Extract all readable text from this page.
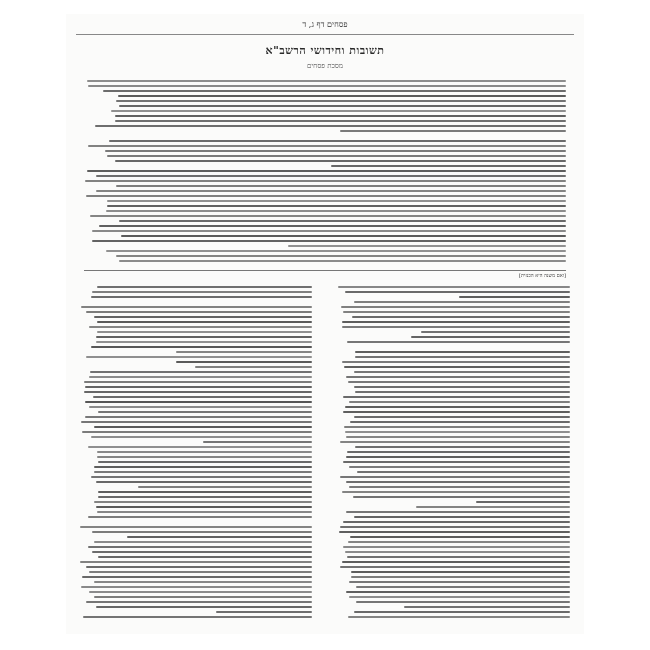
פסחים דף ג, ד
תשובות וחידושי הרשב"א
מסכת פסחים
[ואם משנה היא הכנזית]
